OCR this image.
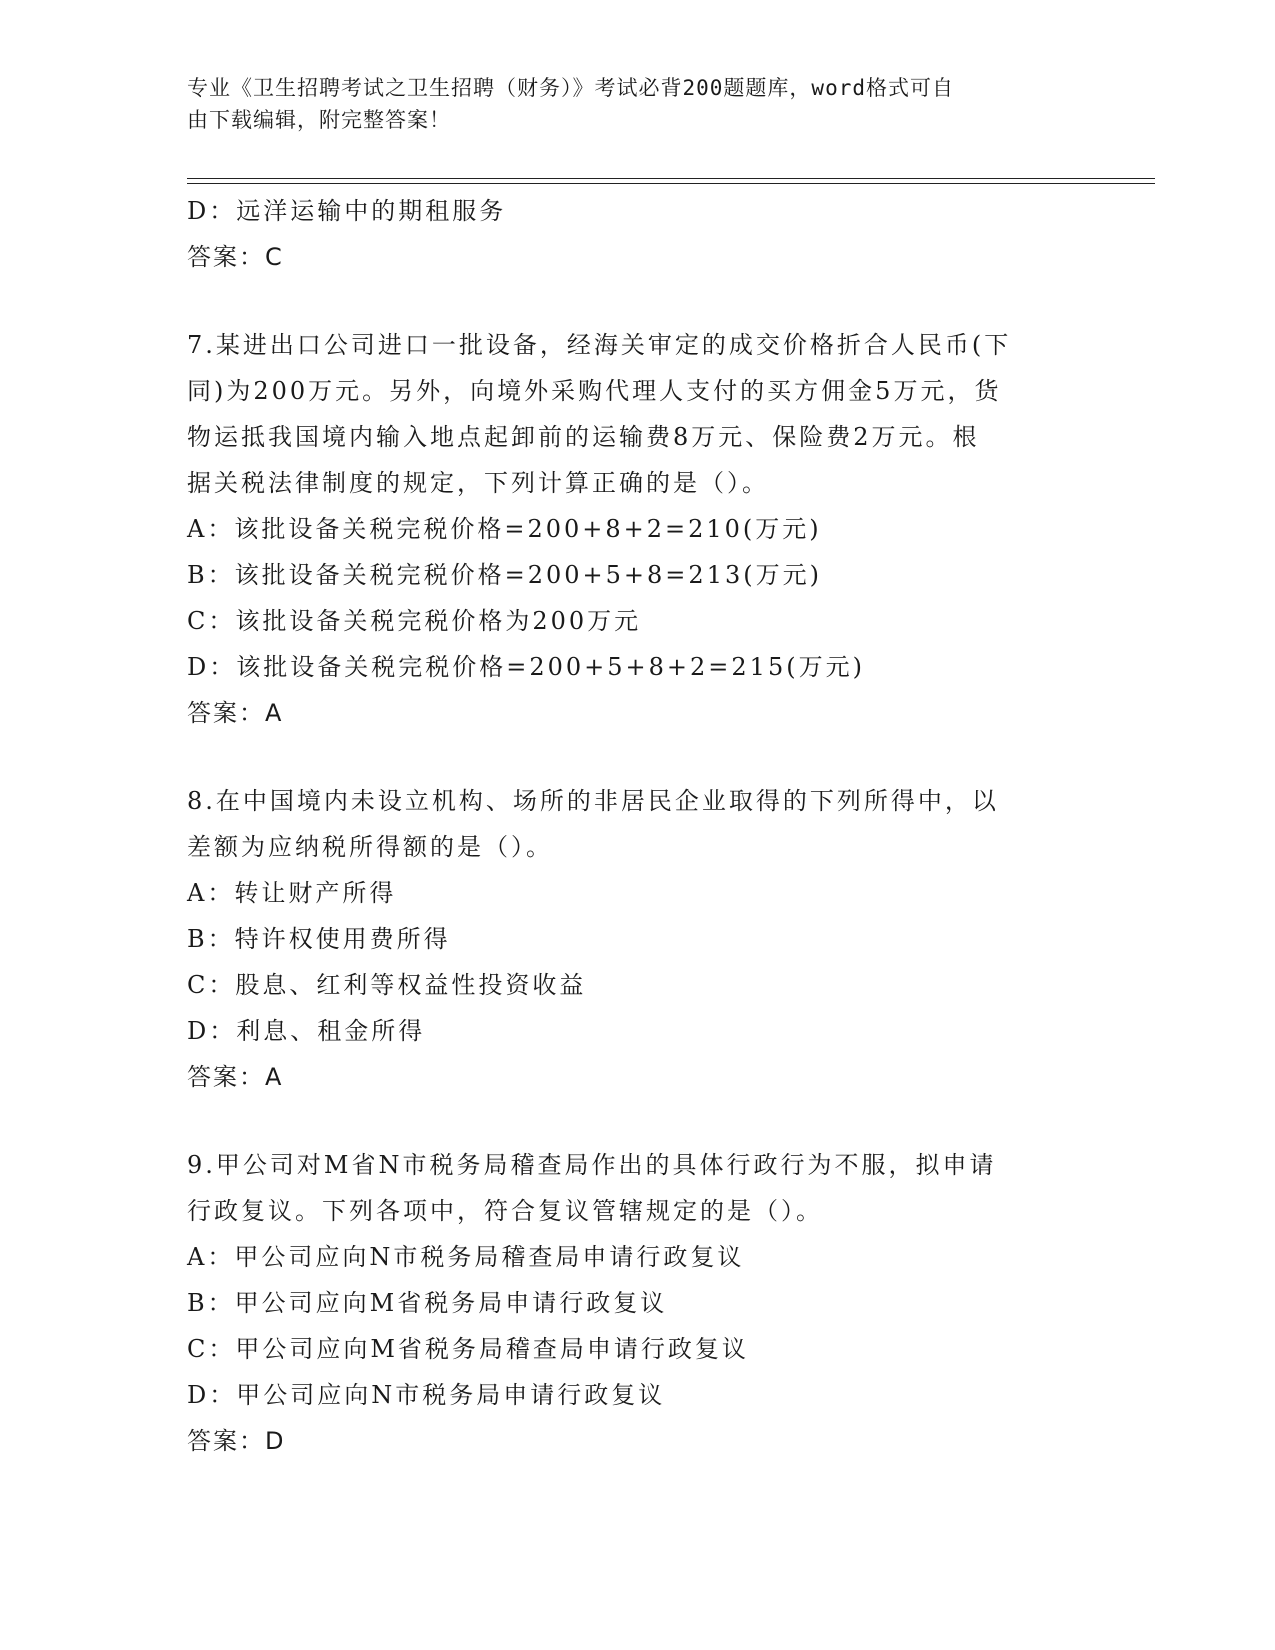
专业《卫生招聘考试之卫生招聘（财务）》考试必背200题题库，word格式可自
由下载编辑，附完整答案！
D：远洋运输中的期租服务
答案：C
7.某进出口公司进口一批设备，经海关审定的成交价格折合人民币(下
同)为200万元。另外，向境外采购代理人支付的买方佣金5万元，货
物运抵我国境内输入地点起卸前的运输费8万元、保险费2万元。根
据关税法律制度的规定，下列计算正确的是（）。
A：该批设备关税完税价格=200+8+2=210(万元)
B：该批设备关税完税价格=200+5+8=213(万元)
C：该批设备关税完税价格为200万元
D：该批设备关税完税价格=200+5+8+2=215(万元)
答案：A
8.在中国境内未设立机构、场所的非居民企业取得的下列所得中，以
差额为应纳税所得额的是（）。
A：转让财产所得
B：特许权使用费所得
C：股息、红利等权益性投资收益
D：利息、租金所得
答案：A
9.甲公司对M省N市税务局稽查局作出的具体行政行为不服，拟申请
行政复议。下列各项中，符合复议管辖规定的是（）。
A：甲公司应向N市税务局稽查局申请行政复议
B：甲公司应向M省税务局申请行政复议
C：甲公司应向M省税务局稽查局申请行政复议
D：甲公司应向N市税务局申请行政复议
答案：D
